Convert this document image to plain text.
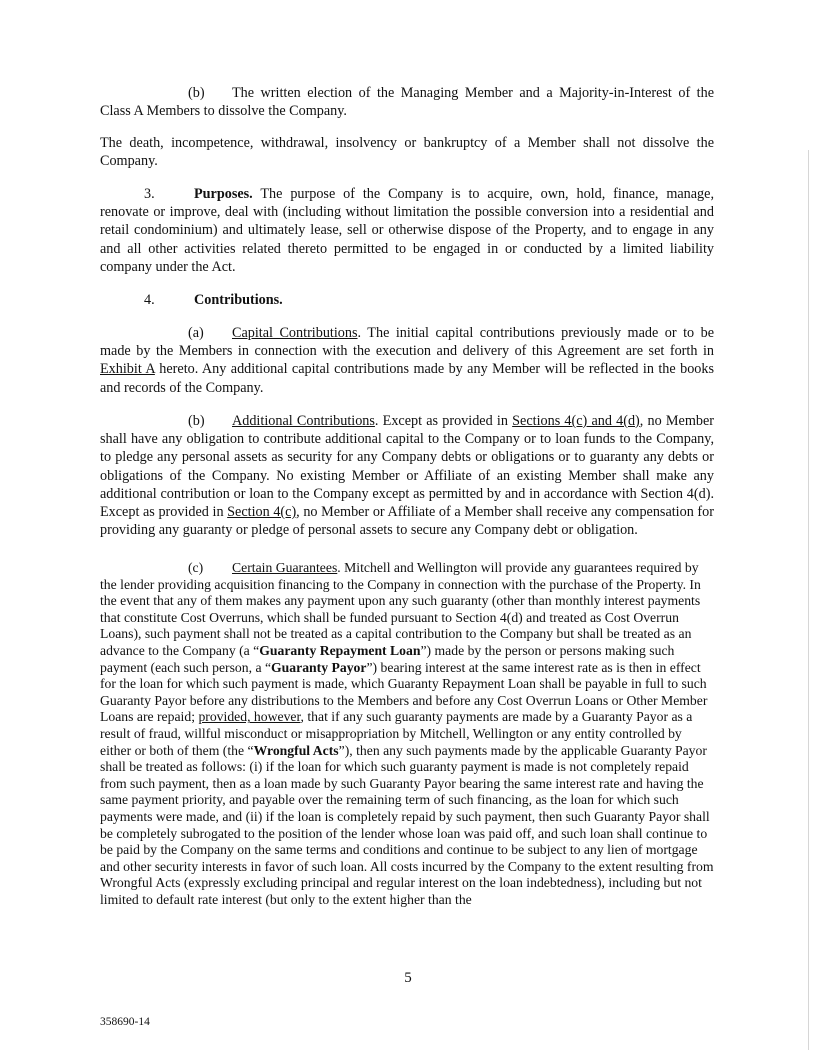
(b) The written election of the Managing Member and a Majority-in-Interest of the Class A Members to dissolve the Company.
The death, incompetence, withdrawal, insolvency or bankruptcy of a Member shall not dissolve the Company.
3.	Purposes. The purpose of the Company is to acquire, own, hold, finance, manage, renovate or improve, deal with (including without limitation the possible conversion into a residential and retail condominium) and ultimately lease, sell or otherwise dispose of the Property, and to engage in any and all other activities related thereto permitted to be engaged in or conducted by a limited liability company under the Act.
4.	Contributions.
(a) Capital Contributions. The initial capital contributions previously made or to be made by the Members in connection with the execution and delivery of this Agreement are set forth in Exhibit A hereto. Any additional capital contributions made by any Member will be reflected in the books and records of the Company.
(b) Additional Contributions. Except as provided in Sections 4(c) and 4(d), no Member shall have any obligation to contribute additional capital to the Company or to loan funds to the Company, to pledge any personal assets as security for any Company debts or obligations or to guaranty any debts or obligations of the Company. No existing Member or Affiliate of an existing Member shall make any additional contribution or loan to the Company except as permitted by and in accordance with Section 4(d). Except as provided in Section 4(c), no Member or Affiliate of a Member shall receive any compensation for providing any guaranty or pledge of personal assets to secure any Company debt or obligation.
(c) Certain Guarantees. Mitchell and Wellington will provide any guarantees required by the lender providing acquisition financing to the Company in connection with the purchase of the Property. In the event that any of them makes any payment upon any such guaranty (other than monthly interest payments that constitute Cost Overruns, which shall be funded pursuant to Section 4(d) and treated as Cost Overrun Loans), such payment shall not be treated as a capital contribution to the Company but shall be treated as an advance to the Company (a “Guaranty Repayment Loan”) made by the person or persons making such payment (each such person, a “Guaranty Payor”) bearing interest at the same interest rate as is then in effect for the loan for which such payment is made, which Guaranty Repayment Loan shall be payable in full to such Guaranty Payor before any distributions to the Members and before any Cost Overrun Loans or Other Member Loans are repaid; provided, however, that if any such guaranty payments are made by a Guaranty Payor as a result of fraud, willful misconduct or misappropriation by Mitchell, Wellington or any entity controlled by either or both of them (the “Wrongful Acts”), then any such payments made by the applicable Guaranty Payor shall be treated as follows: (i) if the loan for which such guaranty payment is made is not completely repaid from such payment, then as a loan made by such Guaranty Payor bearing the same interest rate and having the same payment priority, and payable over the remaining term of such financing, as the loan for which such payments were made, and (ii) if the loan is completely repaid by such payment, then such Guaranty Payor shall be completely subrogated to the position of the lender whose loan was paid off, and such loan shall continue to be paid by the Company on the same terms and conditions and continue to be subject to any lien of mortgage and other security interests in favor of such loan. All costs incurred by the Company to the extent resulting from Wrongful Acts (expressly excluding principal and regular interest on the loan indebtedness), including but not limited to default rate interest (but only to the extent higher than the
5
358690-14
